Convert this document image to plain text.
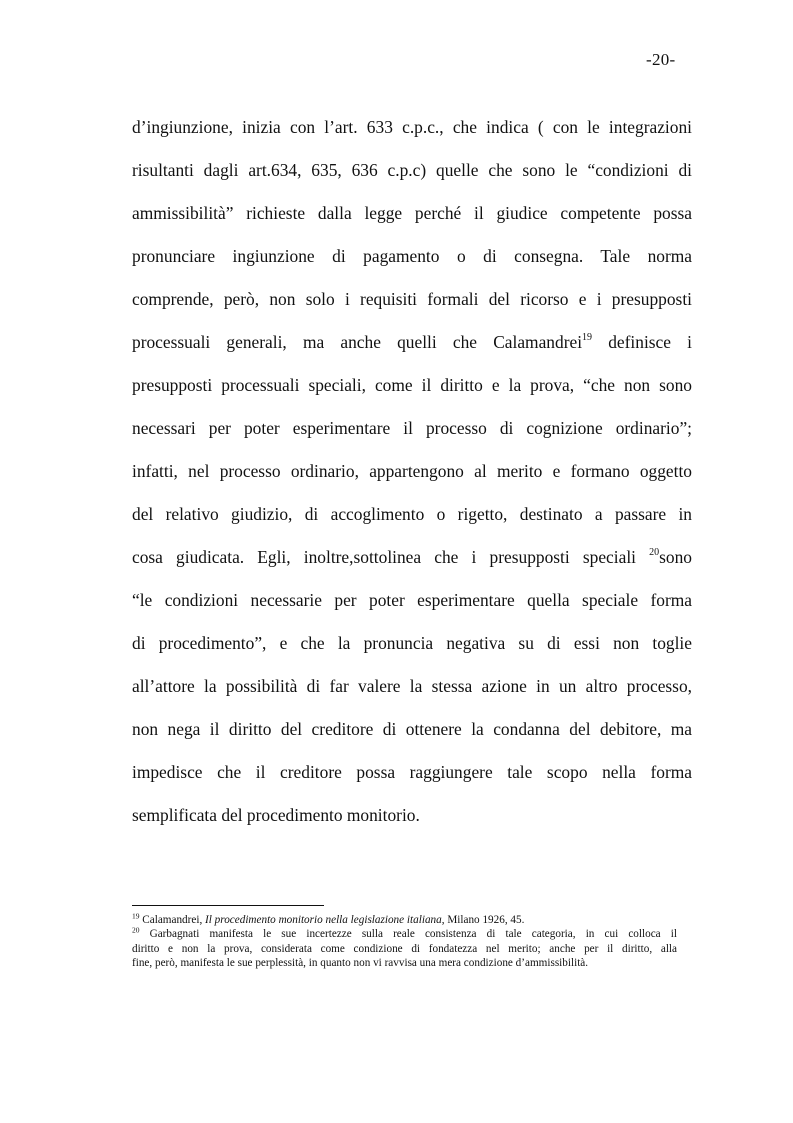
-20-
d’ingiunzione, inizia con l’art. 633 c.p.c., che indica ( con le integrazioni
risultanti dagli art.634, 635, 636 c.p.c) quelle che sono le “condizioni di
ammissibilità” richieste dalla legge perché il giudice competente possa
pronunciare ingiunzione di pagamento o di consegna. Tale norma
comprende, però, non solo i requisiti formali del ricorso e i presupposti
processuali generali, ma anche quelli che Calamandrei$^{19}$ definisce i
presupposti processuali speciali, come il diritto e la prova, “che non sono
necessari per poter esperimentare il processo di cognizione ordinario”;
infatti, nel processo ordinario, appartengono al merito e formano oggetto
del relativo giudizio, di accoglimento o rigetto, destinato a passare in
cosa giudicata. Egli, inoltre,sottolinea che i presupposti speciali $^{20}$sono
“le condizioni necessarie per poter esperimentare quella speciale forma
di procedimento”, e che la pronuncia negativa su di essi non toglie
all’attore la possibilità di far valere la stessa azione in un altro processo,
non nega il diritto del creditore di ottenere la condanna del debitore, ma
impedisce che il creditore possa raggiungere tale scopo nella forma
semplificata del procedimento monitorio.

$^{19}$ Calamandrei, Il procedimento monitorio nella legislazione italiana, Milano 1926, 45.

$^{20}$ Garbagnati manifesta le sue incertezze sulla reale consistenza di tale categoria, in cui colloca il
diritto e non la prova, considerata come condizione di fondatezza nel merito; anche per il diritto, alla
fine, però, manifesta le sue perplessità, in quanto non vi ravvisa una mera condizione d’ammissibilità.
